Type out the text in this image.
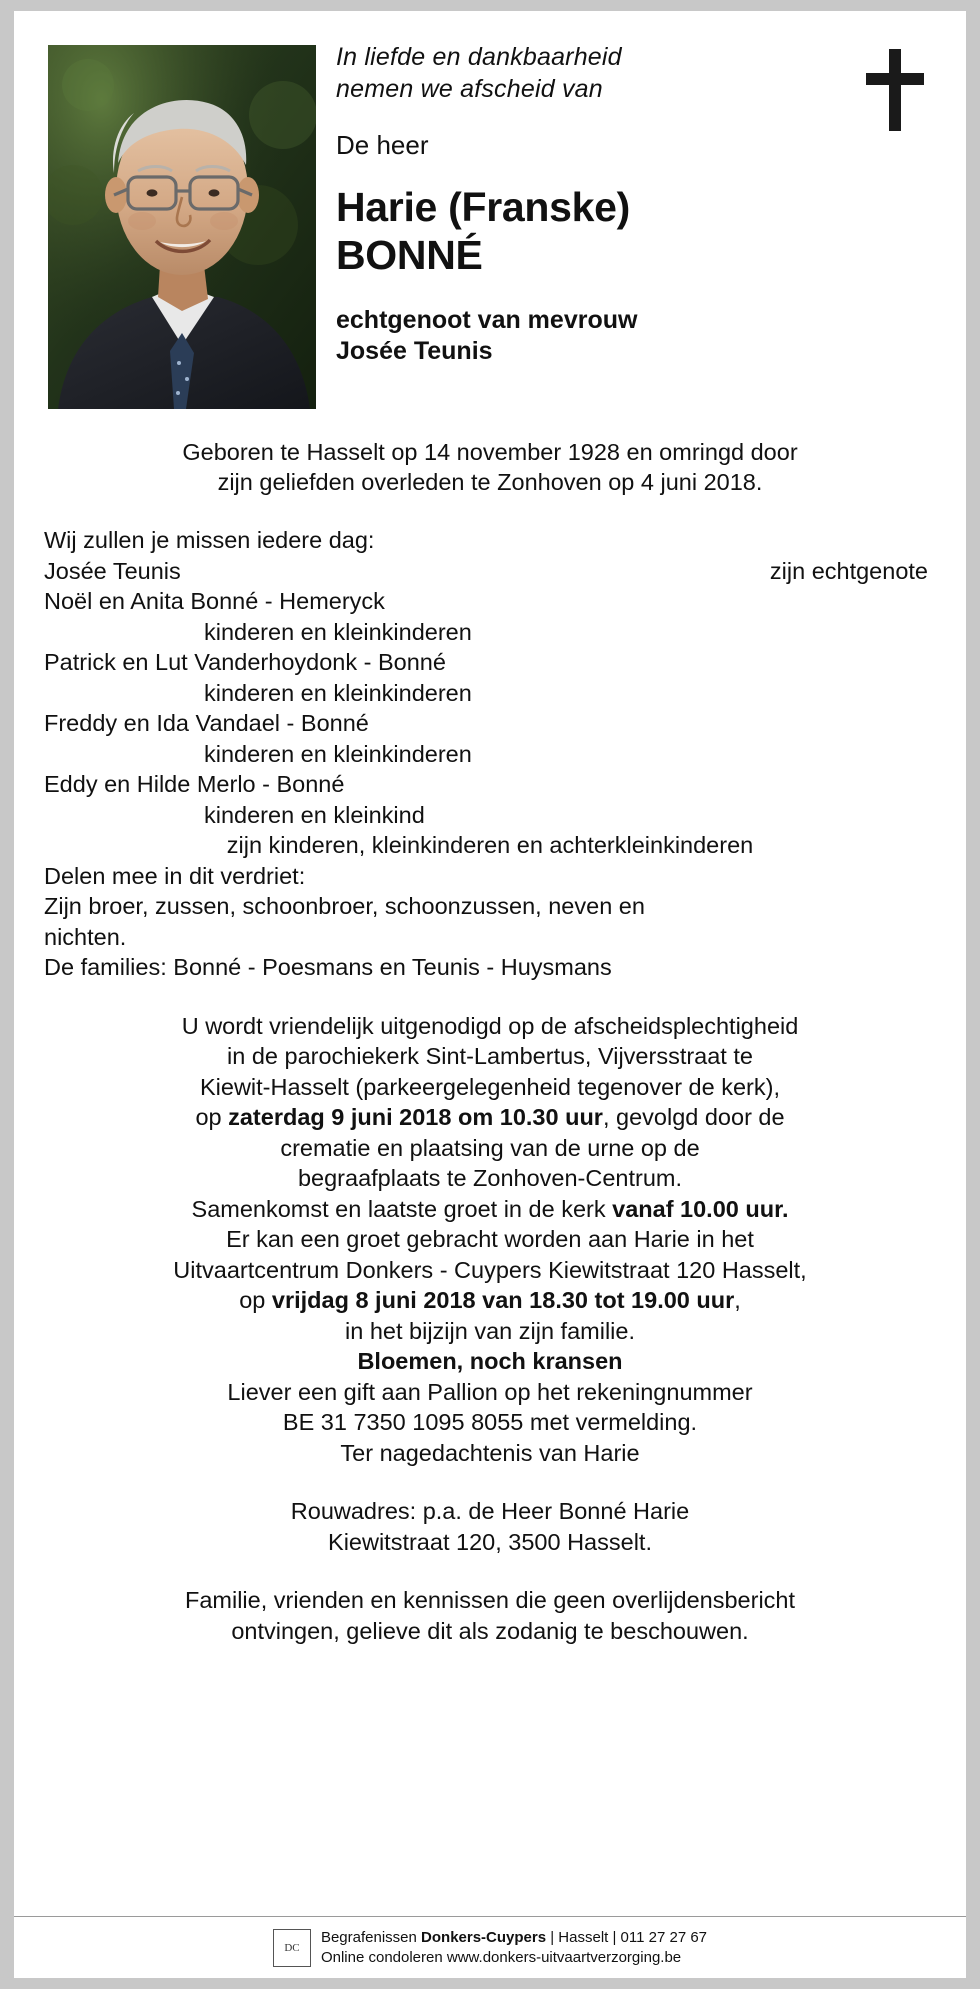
In liefde en dankbaarheid
nemen we afscheid van
De heer
Harie (Franske)
BONNÉ
echtgenoot van mevrouw
Josée Teunis
Geboren te Hasselt op 14 november 1928 en omringd door
zijn geliefden overleden te Zonhoven op 4 juni 2018.
Wij zullen je missen iedere dag:
Josée Teunis	zijn echtgenote
Noël en Anita Bonné - Hemeryck
kinderen en kleinkinderen
Patrick en Lut Vanderhoydonk - Bonné
kinderen en kleinkinderen
Freddy en Ida Vandael - Bonné
kinderen en kleinkinderen
Eddy en Hilde Merlo - Bonné
kinderen en kleinkind
zijn kinderen, kleinkinderen en achterkleinkinderen
Delen mee in dit verdriet:
Zijn broer, zussen, schoonbroer, schoonzussen, neven en
nichten.
De families: Bonné - Poesmans en Teunis - Huysmans
U wordt vriendelijk uitgenodigd op de afscheidsplechtigheid
in de parochiekerk Sint-Lambertus, Vijversstraat te
Kiewit-Hasselt (parkeergelegenheid tegenover de kerk),
op zaterdag 9 juni 2018 om 10.30 uur, gevolgd door de
crematie en plaatsing van de urne op de
begraafplaats te Zonhoven-Centrum.
Samenkomst en laatste groet in de kerk vanaf 10.00 uur.
Er kan een groet gebracht worden aan Harie in het
Uitvaartcentrum Donkers - Cuypers Kiewitstraat 120 Hasselt,
op vrijdag 8 juni 2018 van 18.30 tot 19.00 uur,
in het bijzijn van zijn familie.
Bloemen, noch kransen
Liever een gift aan Pallion op het rekeningnummer
BE 31 7350 1095 8055 met vermelding.
Ter nagedachtenis van Harie
Rouwadres: p.a. de Heer Bonné Harie
Kiewitstraat 120, 3500 Hasselt.
Familie, vrienden en kennissen die geen overlijdensbericht
ontvingen, gelieve dit als zodanig te beschouwen.
DC
Begrafenissen Donkers-Cuypers | Hasselt | 011 27 27 67
Online condoleren www.donkers-uitvaartverzorging.be
